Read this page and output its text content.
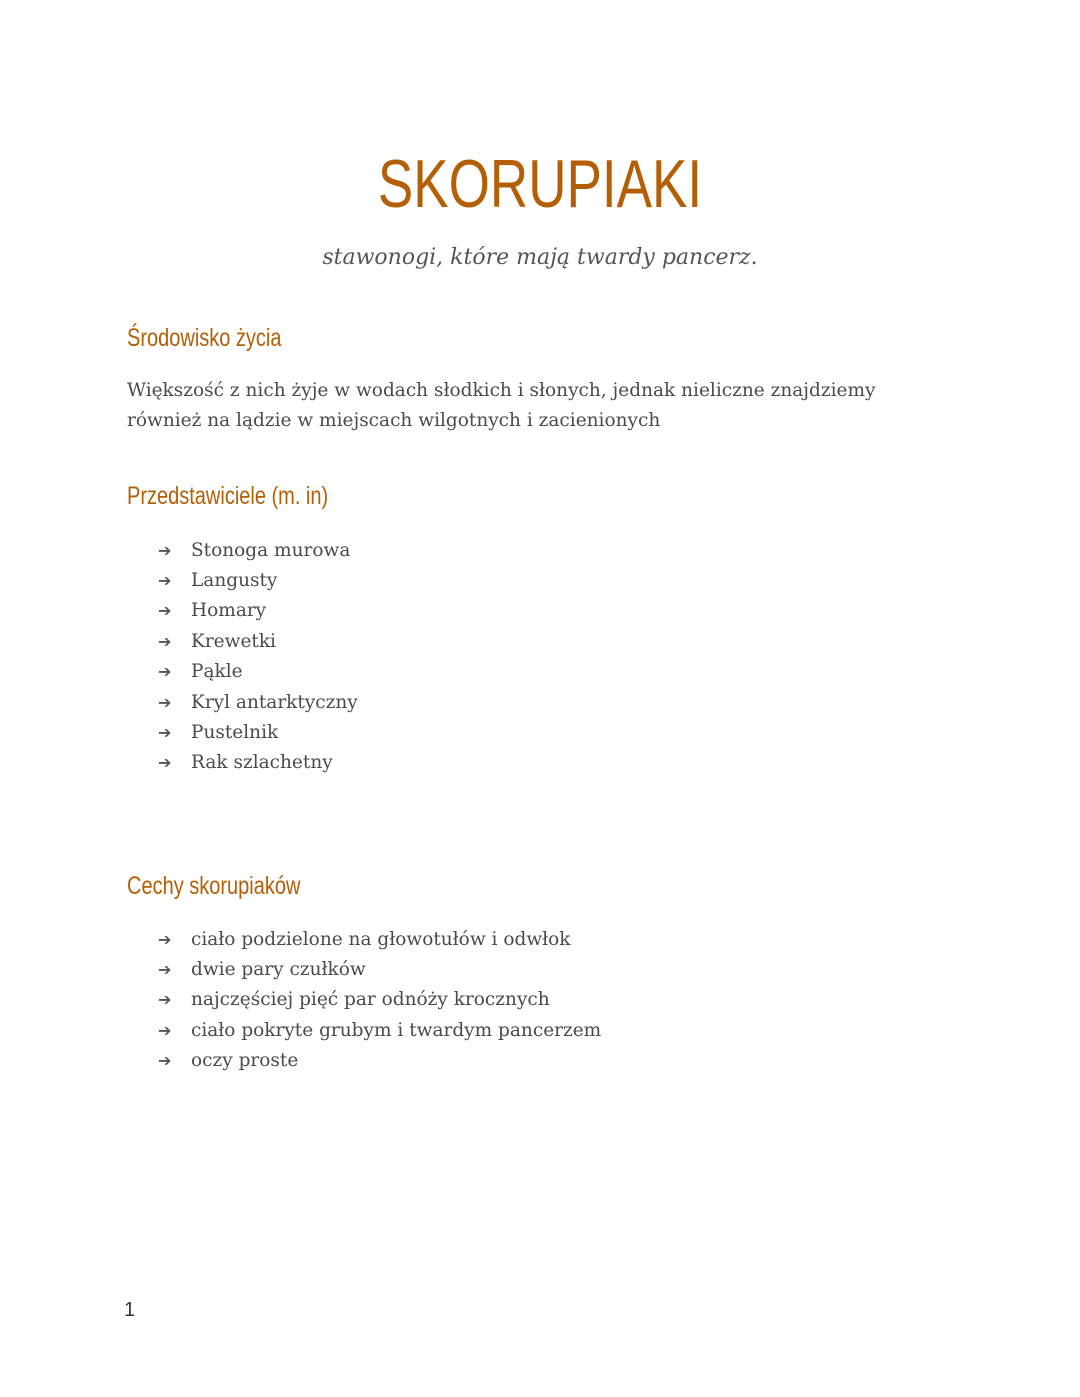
SKORUPIAKI

stawonogi, które mają twardy pancerz.

Środowisko życia

Większość z nich żyje w wodach słodkich i słonych, jednak nieliczne znajdziemy również na lądzie w miejscach wilgotnych i zacienionych

Przedstawiciele (m. in)
➔	Stonoga murowa
➔	Langusty
➔	Homary
➔	Krewetki
➔	Pąkle
➔	Kryl antarktyczny
➔	Pustelnik
➔	Rak szlachetny
Cechy skorupiaków
➔	ciało podzielone na głowotułów i odwłok
➔	dwie pary czułków
➔	najczęściej pięć par odnóży krocznych
➔	ciało pokryte grubym i twardym pancerzem
➔	oczy proste
1
